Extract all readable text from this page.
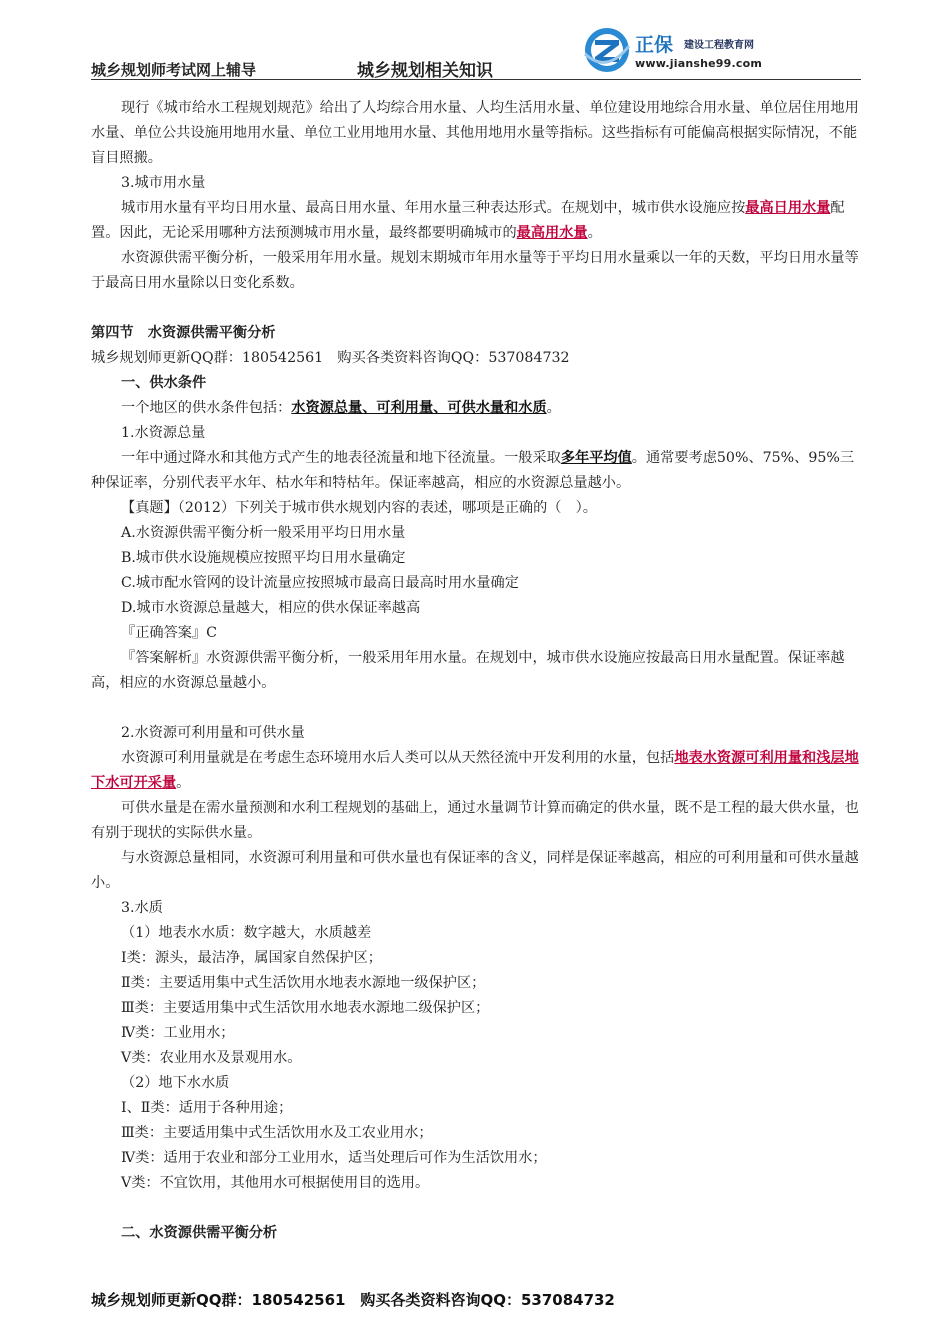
城乡规划师考试网上辅导	城乡规划相关知识
正保 建设工程教育网
www.jianshe99.com

现行《城市给水工程规划规范》给出了人均综合用水量、人均生活用水量、单位建设用地综合用水量、单位居住用地用水量、单位公共设施用地用水量、单位工业用地用水量、其他用地用水量等指标。这些指标有可能偏高根据实际情况，不能盲目照搬。

3.城市用水量

城市用水量有平均日用水量、最高日用水量、年用水量三种表达形式。在规划中，城市供水设施应按最高日用水量配置。因此，无论采用哪种方法预测城市用水量，最终都要明确城市的最高用水量。

水资源供需平衡分析，一般采用年用水量。规划末期城市年用水量等于平均日用水量乘以一年的天数，平均日用水量等于最高日用水量除以日变化系数。

第四节　水资源供需平衡分析

城乡规划师更新QQ群：180542561　购买各类资料咨询QQ：537084732

一、供水条件

一个地区的供水条件包括：水资源总量、可利用量、可供水量和水质。

1.水资源总量

一年中通过降水和其他方式产生的地表径流量和地下径流量。一般采取多年平均值。通常要考虑50%、75%、95%三种保证率，分别代表平水年、枯水年和特枯年。保证率越高，相应的水资源总量越小。

【真题】（2012）下列关于城市供水规划内容的表述，哪项是正确的（　）。

A.水资源供需平衡分析一般采用平均日用水量

B.城市供水设施规模应按照平均日用水量确定

C.城市配水管网的设计流量应按照城市最高日最高时用水量确定

D.城市水资源总量越大，相应的供水保证率越高

『正确答案』C

『答案解析』水资源供需平衡分析，一般采用年用水量。在规划中，城市供水设施应按最高日用水量配置。保证率越高，相应的水资源总量越小。

2.水资源可利用量和可供水量

水资源可利用量就是在考虑生态环境用水后人类可以从天然径流中开发利用的水量，包括地表水资源可利用量和浅层地下水可开采量。

可供水量是在需水量预测和水利工程规划的基础上，通过水量调节计算而确定的供水量，既不是工程的最大供水量，也有别于现状的实际供水量。

与水资源总量相同，水资源可利用量和可供水量也有保证率的含义，同样是保证率越高，相应的可利用量和可供水量越小。

3.水质

（1）地表水水质：数字越大，水质越差

Ⅰ类：源头，最洁净，属国家自然保护区；

Ⅱ类：主要适用集中式生活饮用水地表水源地一级保护区；

Ⅲ类：主要适用集中式生活饮用水地表水源地二级保护区；

Ⅳ类：工业用水；

Ⅴ类：农业用水及景观用水。

（2）地下水水质

Ⅰ、Ⅱ类：适用于各种用途；

Ⅲ类：主要适用集中式生活饮用水及工农业用水；

Ⅳ类：适用于农业和部分工业用水，适当处理后可作为生活饮用水；

Ⅴ类：不宜饮用，其他用水可根据使用目的选用。

二、水资源供需平衡分析

城乡规划师更新QQ群：180542561　购买各类资料咨询QQ：537084732
